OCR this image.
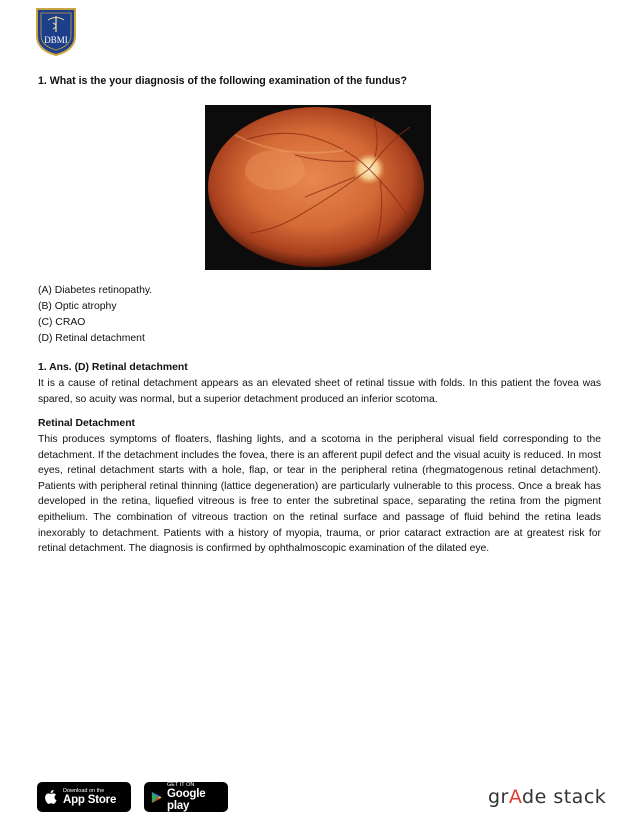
DBMI
1. What is the your diagnosis of the following examination of the fundus?
(A) Diabetes retinopathy.
(B) Optic atrophy
(C) CRAO
(D) Retinal detachment
1. Ans. (D) Retinal detachment
It is a cause of retinal detachment appears as an elevated sheet of retinal tissue with folds. In this patient the fovea was spared, so acuity was normal, but a superior detachment produced an inferior scotoma.
Retinal Detachment
This produces symptoms of floaters, flashing lights, and a scotoma in the peripheral visual field corresponding to the detachment. If the detachment includes the fovea, there is an afferent pupil defect and the visual acuity is reduced. In most eyes, retinal detachment starts with a hole, flap, or tear in the peripheral retina (rhegmatogenous retinal detachment). Patients with peripheral retinal thinning (lattice degeneration) are particularly vulnerable to this process. Once a break has developed in the retina, liquefied vitreous is free to enter the subretinal space, separating the retina from the pigment epithelium. The combination of vitreous traction on the retinal surface and passage of fluid behind the retina leads inexorably to detachment. Patients with a history of myopia, trauma, or prior cataract extraction are at greatest risk for retinal detachment. The diagnosis is confirmed by ophthalmoscopic examination of the dilated eye.
Download on the
App Store
GET IT ON
Google play	grAde stack
